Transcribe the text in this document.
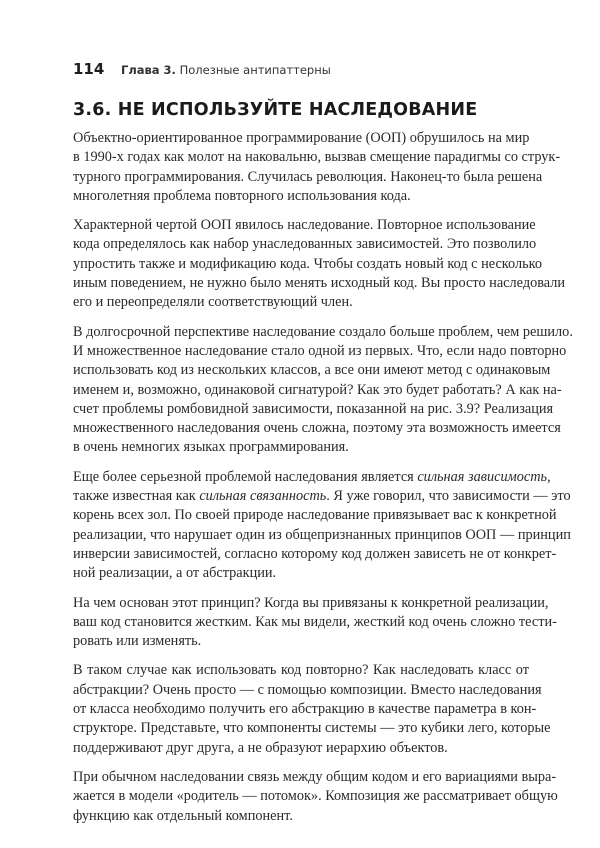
114 Глава 3. Полезные антипаттерны
3.6. НЕ ИСПОЛЬЗУЙТЕ НАСЛЕДОВАНИЕ

Объектно-ориентированное программирование (ООП) обрушилось на мир
в 1990-х годах как молот на наковальню, вызвав смещение парадигмы со струк-
турного программирования. Случилась революция. Наконец-то была решена
многолетняя проблема повторного использования кода.

Характерной чертой ООП явилось наследование. Повторное использование
кода определялось как набор унаследованных зависимостей. Это позволило
упростить также и модификацию кода. Чтобы создать новый код с несколько
иным поведением, не нужно было менять исходный код. Вы просто наследовали
его и переопределяли соответствующий член.

В долгосрочной перспективе наследование создало больше проблем, чем решило.
И множественное наследование стало одной из первых. Что, если надо повторно
использовать код из нескольких классов, а все они имеют метод с одинаковым
именем и, возможно, одинаковой сигнатурой? Как это будет работать? А как на-
счет проблемы ромбовидной зависимости, показанной на рис. 3.9? Реализация
множественного наследования очень сложна, поэтому эта возможность имеется
в очень немногих языках программирования.

Еще более серьезной проблемой наследования является сильная зависимость,
также известная как сильная связанность. Я уже говорил, что зависимости — это
корень всех зол. По своей природе наследование привязывает вас к конкретной
реализации, что нарушает один из общепризнанных принципов ООП — принцип
инверсии зависимостей, согласно которому код должен зависеть не от конкрет-
ной реализации, а от абстракции.

На чем основан этот принцип? Когда вы привязаны к конкретной реализации,
ваш код становится жестким. Как мы видели, жесткий код очень сложно тести-
ровать или изменять.

В таком случае как использовать код повторно? Как наследовать класс от
абстракции? Очень просто — с помощью композиции. Вместо наследования
от класса необходимо получить его абстракцию в качестве параметра в кон-
структоре. Представьте, что компоненты системы — это кубики лего, которые
поддерживают друг друга, а не образуют иерархию объектов.

При обычном наследовании связь между общим кодом и его вариациями выра-
жается в модели «родитель — потомок». Композиция же рассматривает общую
функцию как отдельный компонент.
